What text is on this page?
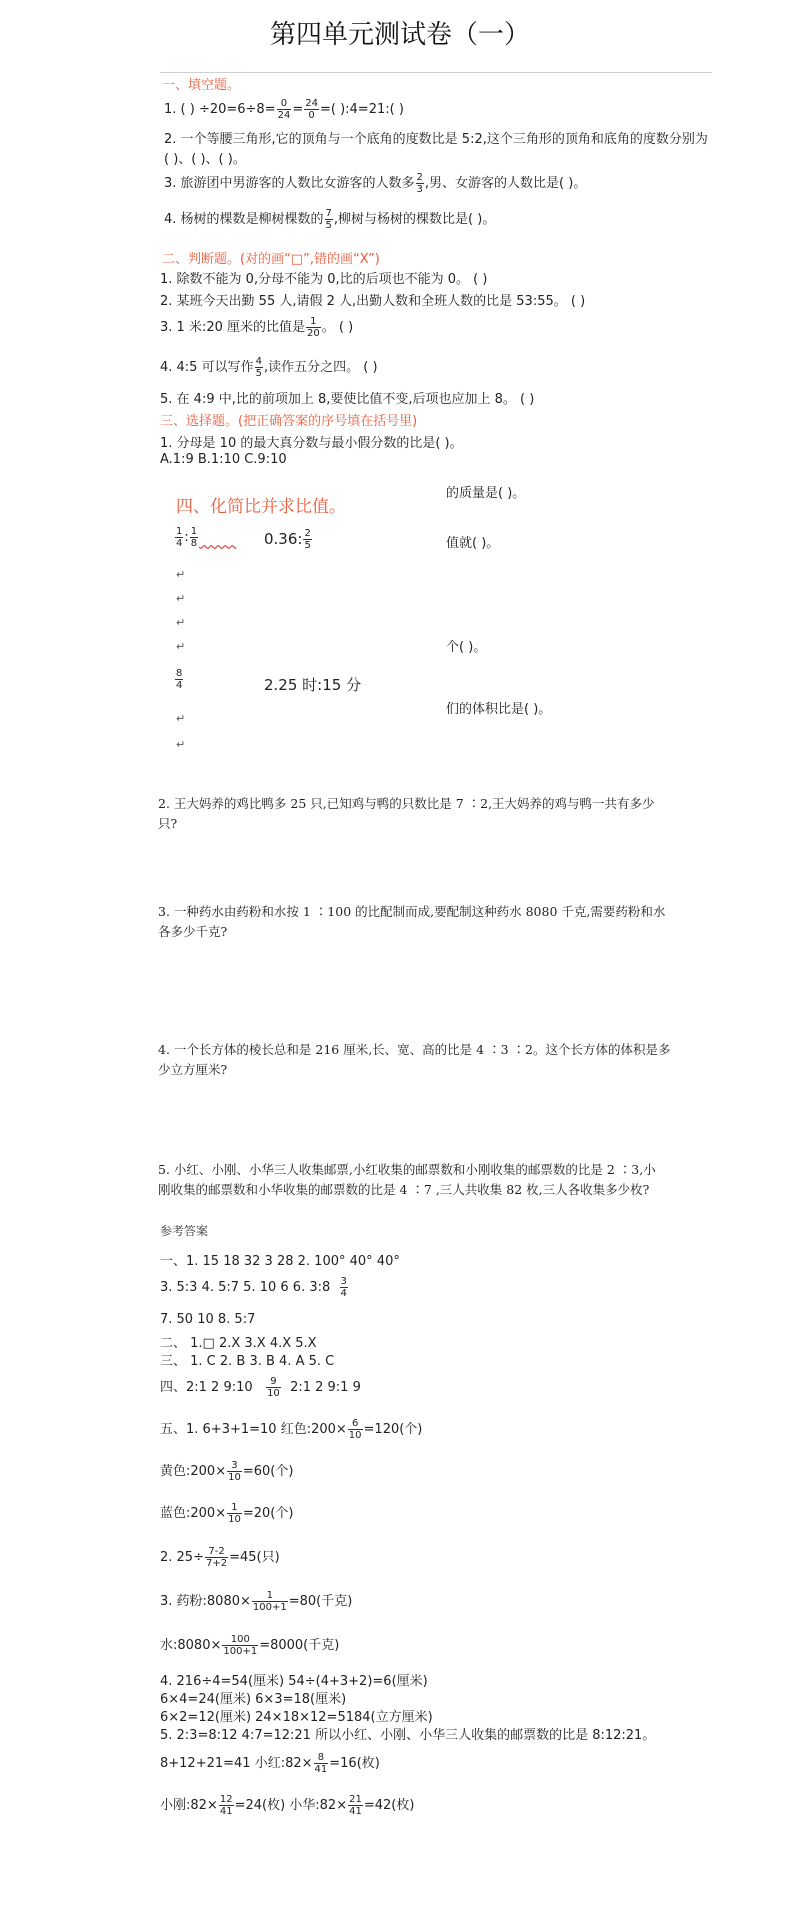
第四单元测试卷（一）
一、填空题。
1. ( ) $\div 20=6\div 8= \frac{0}{24} = \frac{24}{0}$ =( ):4=21:( )
2. 一个等腰三角形,它的顶角与一个底角的度数比是 5:2,这个三角形的顶角和底角的度数分别为
( )、( )、( )。
3. 旅游团中男游客的人数比女游客的人数多 $\frac{2}{3}$ ,男、女游客的人数比是( )。
4. 杨树的棵数是柳树棵数的 $\frac{7}{5}$ ,柳树与杨树的棵数比是( )。
二、判断题。(对的画“□”,错的画“X”)
1. 除数不能为 0,分母不能为 0,比的后项也不能为 0。 ( )
2. 某班今天出勤 55 人,请假 2 人,出勤人数和全班人数的比是 53:55。 ( )
3. 1 米:20 厘米的比值是 $\frac{1}{20}$ 。 ( )
4. 4:5 可以写作 $\frac{4}{5}$ ,读作五分之四。 ( )
5. 在 4:9 中,比的前项加上 8,要使比值不变,后项也应加上 8。 ( )
三、选择题。(把正确答案的序号填在括号里)
1. 分母是 10 的最大真分数与最小假分数的比是( )。
A.1:9 B.1:10 C.9:10
的质量是( )。
值就( )。
个( )。
们的体积比是( )。
四、化简比并求比值。
$\frac{1}{4}$ : $\frac{1}{8}$
	0.36: $\frac{2}{5}$
↵
↵
↵
↵
$\frac{8}{4}$	2.25 时:15 分
↵
↵
2. 王大妈养的鸡比鸭多 25 只,已知鸡与鸭的只数比是 7 ∶2,王大妈养的鸡与鸭一共有多少
只?
3. 一种药水由药粉和水按 1 ∶100 的比配制而成,要配制这种药水 8080 千克,需要药粉和水
各多少千克?
4. 一个长方体的棱长总和是 216 厘米,长、宽、高的比是 4 ∶3 ∶2。这个长方体的体积是多
少立方厘米?
5. 小红、小刚、小华三人收集邮票,小红收集的邮票数和小刚收集的邮票数的比是 2 ∶3,小
刚收集的邮票数和小华收集的邮票数的比是 4 ∶7 ,三人共收集 82 枚,三人各收集多少枚?
参考答案
一、1. 15 18 32 3 28 2. 100° 40° 40°
3. 5:3 4. 5:7 5. 10 6 6. 3:8 $\frac{3}{4}$
7. 50 10 8. 5:7
二、 1.□ 2.X 3.X 4.X 5.X
三、 1. C 2. B 3. B 4. A 5. C
四、2:1 2 9:10 $\frac{9}{10}$ 2:1 2 9:1 9
五、1. 6+3+1=10 红色:200× $\frac{6}{10} =120$(个)
黄色:200× $\frac{3}{10} =60$(个)
蓝色:200× $\frac{1}{10} =20$(个)
2. $25\div \frac{7-2}{7+2} =45$(只)
3. 药粉:8080× $\frac{1}{100+1} =80$(千克)
水:8080× $\frac{100}{100+1} =8000$(千克)
4. 216÷4=54(厘米) 54÷(4+3+2)=6(厘米)
6×4=24(厘米) 6×3=18(厘米)
6×2=12(厘米) 24×18×12=5184(立方厘米)
5. 2:3=8:12 4:7=12:21 所以小红、小刚、小华三人收集的邮票数的比是 8:12:21。
8+12+21=41 小红:82× $\frac{8}{41} =16$(枚)
小刚:82× $\frac{12}{41} =24$(枚) 小华:82× $\frac{21}{41} =42$(枚)
